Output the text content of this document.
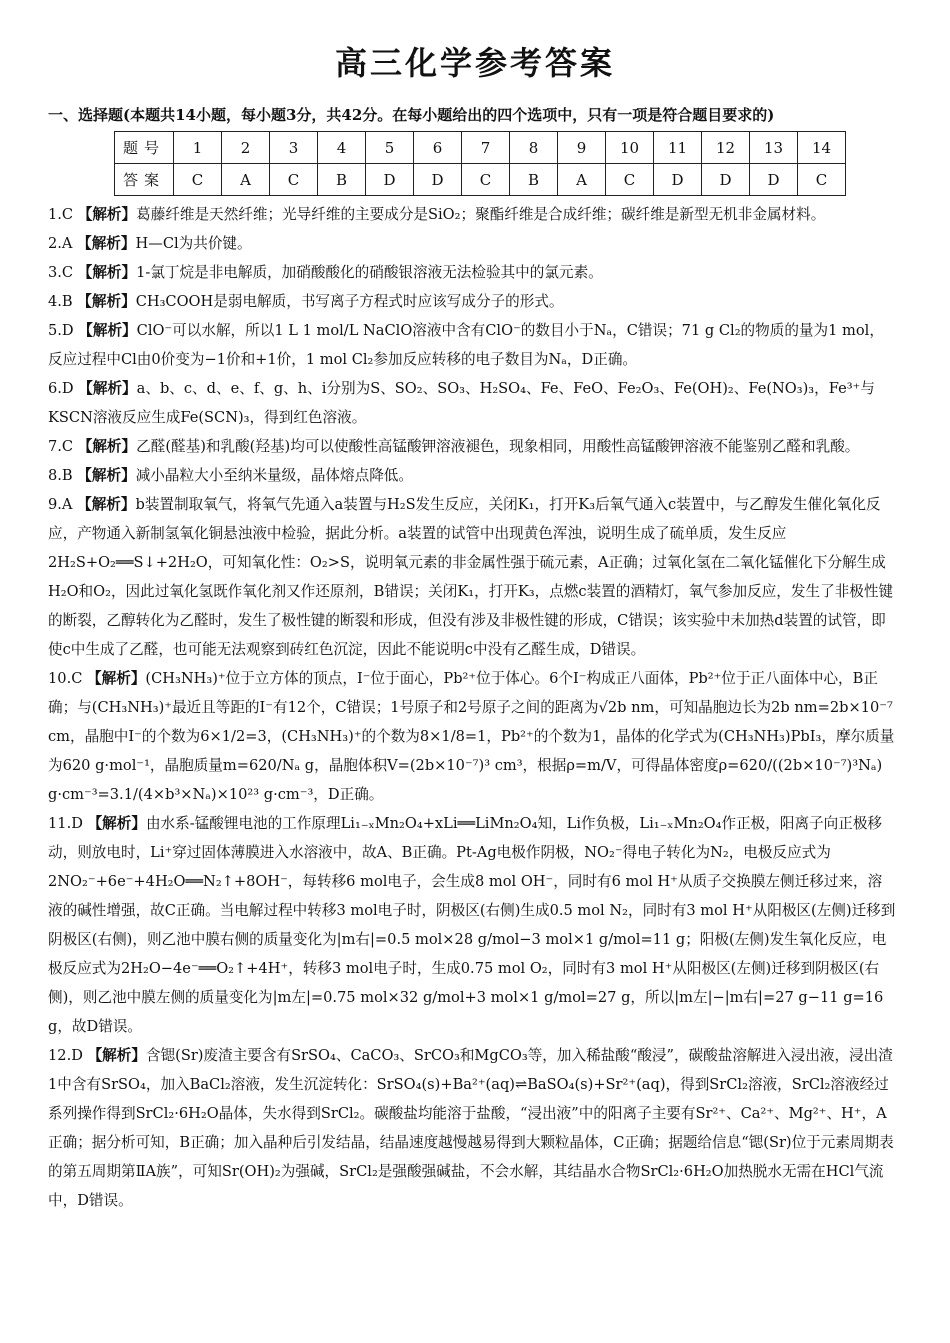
高三化学参考答案
一、选择题(本题共14小题，每小题3分，共42分。在每小题给出的四个选项中，只有一项是符合题目要求的)
题号	1	2	3	4	5	6	7	8	9	10	11	12	13	14
答案	C	A	C	B	D	D	C	B	A	C	D	D	D	C
1.C 【解析】葛藤纤维是天然纤维；光导纤维的主要成分是SiO₂；聚酯纤维是合成纤维；碳纤维是新型无机非金属材料。
2.A 【解析】H—Cl为共价键。
3.C 【解析】1-氯丁烷是非电解质，加硝酸酸化的硝酸银溶液无法检验其中的氯元素。
4.B 【解析】CH₃COOH是弱电解质，书写离子方程式时应该写成分子的形式。
5.D 【解析】ClO⁻可以水解，所以1 L 1 mol/L NaClO溶液中含有ClO⁻的数目小于Nₐ，C错误；71 g Cl₂的物质的量为1 mol，反应过程中Cl由0价变为−1价和+1价，1 mol Cl₂参加反应转移的电子数目为Nₐ，D正确。
6.D 【解析】a、b、c、d、e、f、g、h、i分别为S、SO₂、SO₃、H₂SO₄、Fe、FeO、Fe₂O₃、Fe(OH)₂、Fe(NO₃)₃，Fe³⁺与KSCN溶液反应生成Fe(SCN)₃，得到红色溶液。
7.C 【解析】乙醛(醛基)和乳酸(羟基)均可以使酸性高锰酸钾溶液褪色，现象相同，用酸性高锰酸钾溶液不能鉴别乙醛和乳酸。
8.B 【解析】减小晶粒大小至纳米量级，晶体熔点降低。
9.A 【解析】b装置制取氧气，将氧气先通入a装置与H₂S发生反应，关闭K₁，打开K₃后氧气通入c装置中，与乙醇发生催化氧化反应，产物通入新制氢氧化铜悬浊液中检验，据此分析。a装置的试管中出现黄色浑浊，说明生成了硫单质，发生反应2H₂S+O₂══S↓+2H₂O，可知氧化性：O₂>S，说明氧元素的非金属性强于硫元素，A正确；过氧化氢在二氧化锰催化下分解生成H₂O和O₂，因此过氧化氢既作氧化剂又作还原剂，B错误；关闭K₁，打开K₃，点燃c装置的酒精灯，氧气参加反应，发生了非极性键的断裂，乙醇转化为乙醛时，发生了极性键的断裂和形成，但没有涉及非极性键的形成，C错误；该实验中未加热d装置的试管，即使c中生成了乙醛，也可能无法观察到砖红色沉淀，因此不能说明c中没有乙醛生成，D错误。
10.C 【解析】(CH₃NH₃)⁺位于立方体的顶点，I⁻位于面心，Pb²⁺位于体心。6个I⁻构成正八面体，Pb²⁺位于正八面体中心，B正确；与(CH₃NH₃)⁺最近且等距的I⁻有12个，C错误；1号原子和2号原子之间的距离为√2b nm，可知晶胞边长为2b nm=2b×10⁻⁷ cm，晶胞中I⁻的个数为6×1/2=3，(CH₃NH₃)⁺的个数为8×1/8=1，Pb²⁺的个数为1，晶体的化学式为(CH₃NH₃)PbI₃，摩尔质量为620 g·mol⁻¹，晶胞质量m=620/Nₐ g，晶胞体积V=(2b×10⁻⁷)³ cm³，根据ρ=m/V，可得晶体密度ρ=620/((2b×10⁻⁷)³Nₐ) g·cm⁻³=3.1/(4×b³×Nₐ)×10²³ g·cm⁻³，D正确。
11.D 【解析】由水系-锰酸锂电池的工作原理Li₁₋ₓMn₂O₄+xLi══LiMn₂O₄知，Li作负极，Li₁₋ₓMn₂O₄作正极，阳离子向正极移动，则放电时，Li⁺穿过固体薄膜进入水溶液中，故A、B正确。Pt-Ag电极作阴极，NO₂⁻得电子转化为N₂，电极反应式为2NO₂⁻+6e⁻+4H₂O══N₂↑+8OH⁻，每转移6 mol电子，会生成8 mol OH⁻，同时有6 mol H⁺从质子交换膜左侧迁移过来，溶液的碱性增强，故C正确。当电解过程中转移3 mol电子时，阴极区(右侧)生成0.5 mol N₂，同时有3 mol H⁺从阳极区(左侧)迁移到阴极区(右侧)，则乙池中膜右侧的质量变化为|m右|=0.5 mol×28 g/mol−3 mol×1 g/mol=11 g；阳极(左侧)发生氧化反应，电极反应式为2H₂O−4e⁻══O₂↑+4H⁺，转移3 mol电子时，生成0.75 mol O₂，同时有3 mol H⁺从阳极区(左侧)迁移到阴极区(右侧)，则乙池中膜左侧的质量变化为|m左|=0.75 mol×32 g/mol+3 mol×1 g/mol=27 g，所以|m左|−|m右|=27 g−11 g=16 g，故D错误。
12.D 【解析】含锶(Sr)废渣主要含有SrSO₄、CaCO₃、SrCO₃和MgCO₃等，加入稀盐酸“酸浸”，碳酸盐溶解进入浸出液，浸出渣1中含有SrSO₄，加入BaCl₂溶液，发生沉淀转化：SrSO₄(s)+Ba²⁺(aq)⇌BaSO₄(s)+Sr²⁺(aq)，得到SrCl₂溶液，SrCl₂溶液经过系列操作得到SrCl₂·6H₂O晶体，失水得到SrCl₂。碳酸盐均能溶于盐酸，“浸出液”中的阳离子主要有Sr²⁺、Ca²⁺、Mg²⁺、H⁺，A正确；据分析可知，B正确；加入晶种后引发结晶，结晶速度越慢越易得到大颗粒晶体，C正确；据题给信息“锶(Sr)位于元素周期表的第五周期第ⅡA族”，可知Sr(OH)₂为强碱，SrCl₂是强酸强碱盐，不会水解，其结晶水合物SrCl₂·6H₂O加热脱水无需在HCl气流中，D错误。
